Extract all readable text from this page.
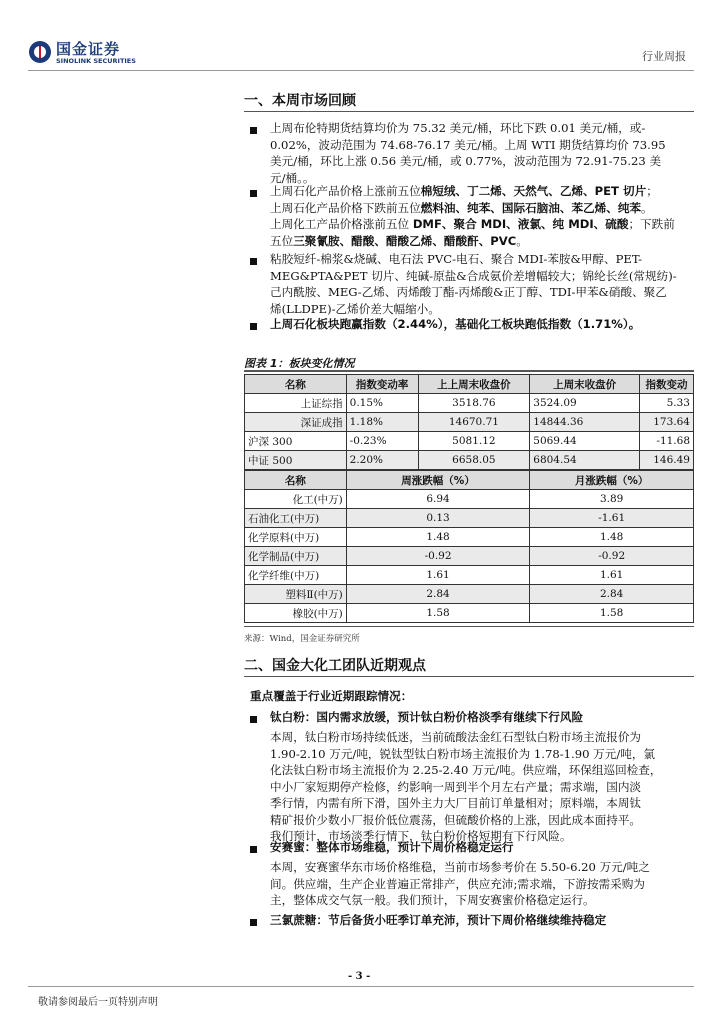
国金证券
SINOLINK SECURITIES	行业周报
一、本周市场回顾
上周布伦特期货结算均价为 75.32 美元/桶，环比下跌 0.01 美元/桶，或-
0.02%，波动范围为 74.68-76.17 美元/桶。上周 WTI 期货结算均价 73.95
美元/桶，环比上涨 0.56 美元/桶，或 0.77%，波动范围为 72.91-75.23 美
元/桶。。
上周石化产品价格上涨前五位棉短绒、丁二烯、天然气、乙烯、PET 切片；
上周石化产品价格下跌前五位燃料油、纯苯、国际石脑油、苯乙烯、纯苯。
上周化工产品价格涨前五位 DMF、聚合 MDI、液氯、纯 MDI、硫酸；下跌前
五位三聚氰胺、醋酸、醋酸乙烯、醋酸酐、PVC。
粘胶短纤-棉浆&烧碱、电石法 PVC-电石、聚合 MDI-苯胺&甲醇、PET-
MEG&PTA&PET 切片、纯碱-原盐&合成氨价差增幅较大；锦纶长丝(常规纺)-
己内酰胺、MEG-乙烯、丙烯酸丁酯-丙烯酸&正丁醇、TDI-甲苯&硝酸、聚乙
烯(LLDPE)-乙烯价差大幅缩小。
上周石化板块跑赢指数（2.44%），基础化工板块跑低指数（1.71%）。
图表 1：板块变化情况
名称	指数变动率	上上周末收盘价	上周末收盘价	指数变动
上证综指	0.15%	3518.76	3524.09	5.33
深证成指	1.18%	14670.71	14844.36	173.64
沪深 300	-0.23%	5081.12	5069.44	-11.68
中证 500	2.20%	6658.05	6804.54	146.49
名称	周涨跌幅（%）	月涨跌幅（%）
化工(中万)	6.94	3.89
石油化工(中万)	0.13	-1.61
化学原料(中万)	1.48	1.48
化学制品(中万)	-0.92	-0.92
化学纤维(中万)	1.61	1.61
塑料Ⅱ(中万)	2.84	2.84
橡胶(中万)	1.58	1.58
来源：Wind，国金证券研究所
二、国金大化工团队近期观点
重点覆盖于行业近期跟踪情况：
钛白粉：国内需求放缓，预计钛白粉价格淡季有继续下行风险
本周，钛白粉市场持续低迷，当前硫酸法金红石型钛白粉市场主流报价为
1.90-2.10 万元/吨，锐钛型钛白粉市场主流报价为 1.78-1.90 万元/吨，氯
化法钛白粉市场主流报价为 2.25-2.40 万元/吨。供应端，环保组巡回检查，
中小厂家短期停产检修，约影响一周到半个月左右产量；需求端，国内淡
季行情，内需有所下滑，国外主力大厂目前订单量相对；原料端，本周钛
精矿报价少数小厂报价低位震荡，但硫酸价格的上涨，因此成本面持平。
我们预计，市场淡季行情下，钛白粉价格短期有下行风险。
安赛蜜：整体市场维稳，预计下周价格稳定运行
本周，安赛蜜华东市场价格维稳，当前市场参考价在 5.50-6.20 万元/吨之
间。供应端，生产企业普遍正常排产，供应充沛;需求端，下游按需采购为
主，整体成交气氛一般。我们预计，下周安赛蜜价格稳定运行。
三氯蔗糖：节后备货小旺季订单充沛，预计下周价格继续维持稳定
- 3 -
敬请参阅最后一页特别声明
